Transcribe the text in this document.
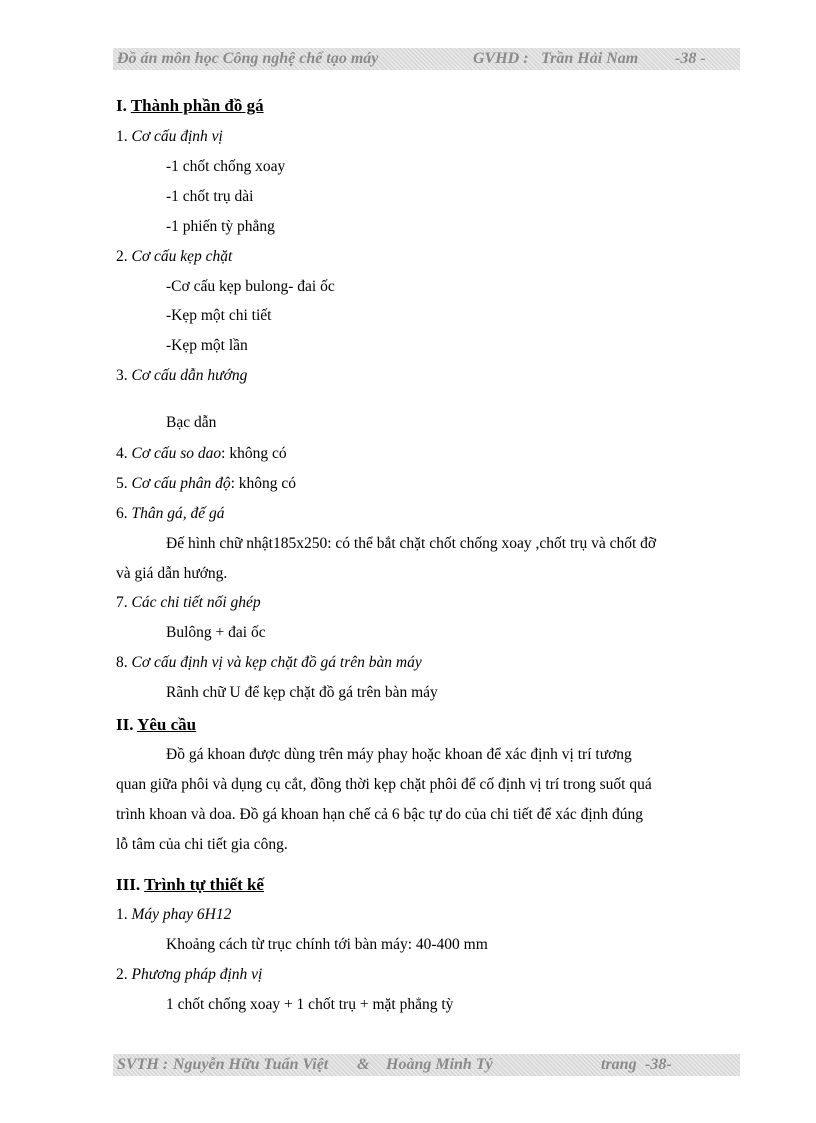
Đồ án môn học Công nghệ chế tạo máy	GVHD : Trần Hải Nam -38 -
I. Thành phần đồ gá
1. Cơ cấu định vị
-1 chốt chống xoay
-1 chốt trụ dài
-1 phiến tỳ phẳng
2. Cơ cấu kẹp chặt
-Cơ cấu kẹp bulong- đai ốc
-Kẹp một chi tiết
-Kẹp một lần
3. Cơ cấu dẫn hướng
Bạc dẫn
4. Cơ cấu so dao: không có
5. Cơ cấu phân độ: không có
6. Thân gá, đế gá
Đế hình chữ nhật185x250: có thể bắt chặt chốt chống xoay ,chốt trụ và chốt đỡ
và giá dẫn hướng.
7. Các chi tiết nối ghép
Bulông + đai ốc
8. Cơ cấu định vị và kẹp chặt đồ gá trên bàn máy
Rãnh chữ U để kẹp chặt đồ gá trên bàn máy
II. Yêu cầu
Đồ gá khoan được dùng trên máy phay hoặc khoan để xác định vị trí tương
quan giữa phôi và dụng cụ cắt, đồng thời kẹp chặt phôi để cố định vị trí trong suốt quá
trình khoan và doa. Đồ gá khoan hạn chế cả 6 bậc tự do của chi tiết để xác định đúng
lỗ tâm của chi tiết gia công.
III. Trình tự thiết kế
1. Máy phay 6H12
Khoảng cách từ trục chính tới bàn máy: 40-400 mm
2. Phương pháp định vị
1 chốt chống xoay + 1 chốt trụ + mặt phẳng tỳ
SVTH : Nguyễn Hữu Tuấn Việt & Hoàng Minh Tý	trang -38-
